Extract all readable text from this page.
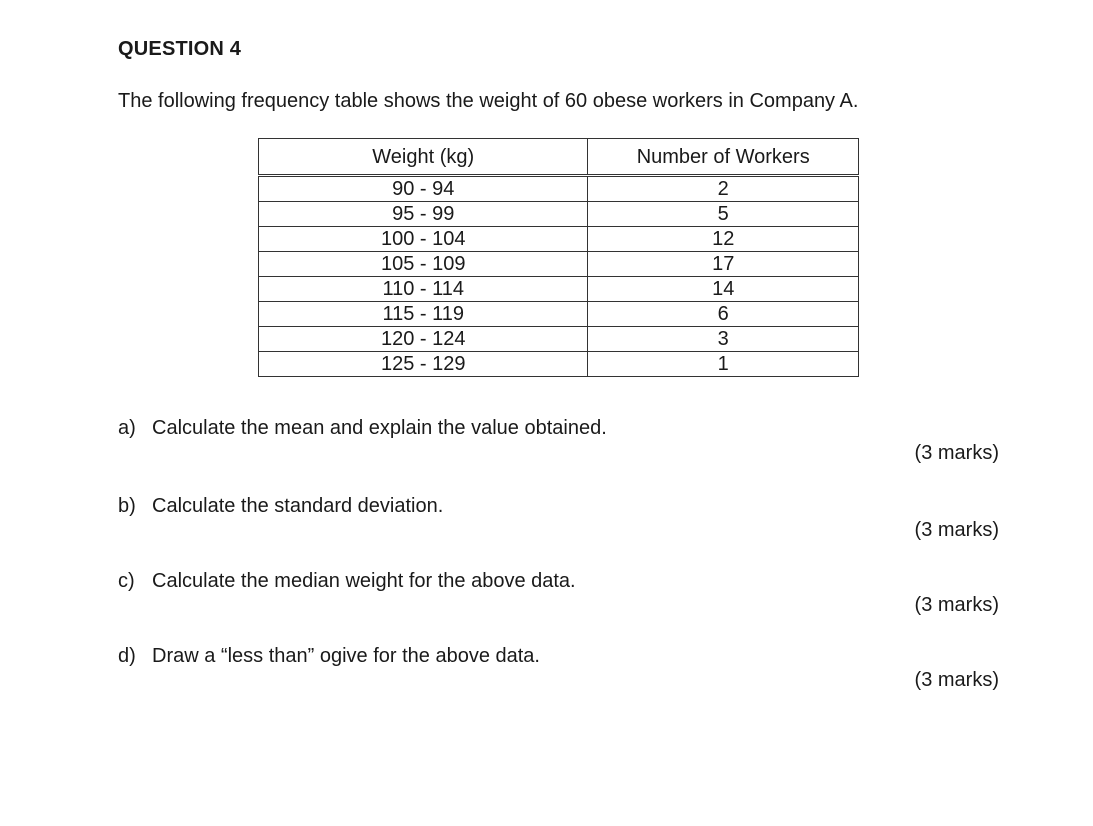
QUESTION 4
The following frequency table shows the weight of 60 obese workers in Company A.
Weight (kg)	Number of Workers
90 - 94	2
95 - 99	5
100 - 104	12
105 - 109	17
110 - 114	14
115 - 119	6
120 - 124	3
125 - 129	1
a) Calculate the mean and explain the value obtained.
(3 marks)
b) Calculate the standard deviation.
(3 marks)
c) Calculate the median weight for the above data.
(3 marks)
d) Draw a “less than” ogive for the above data.
(3 marks)
